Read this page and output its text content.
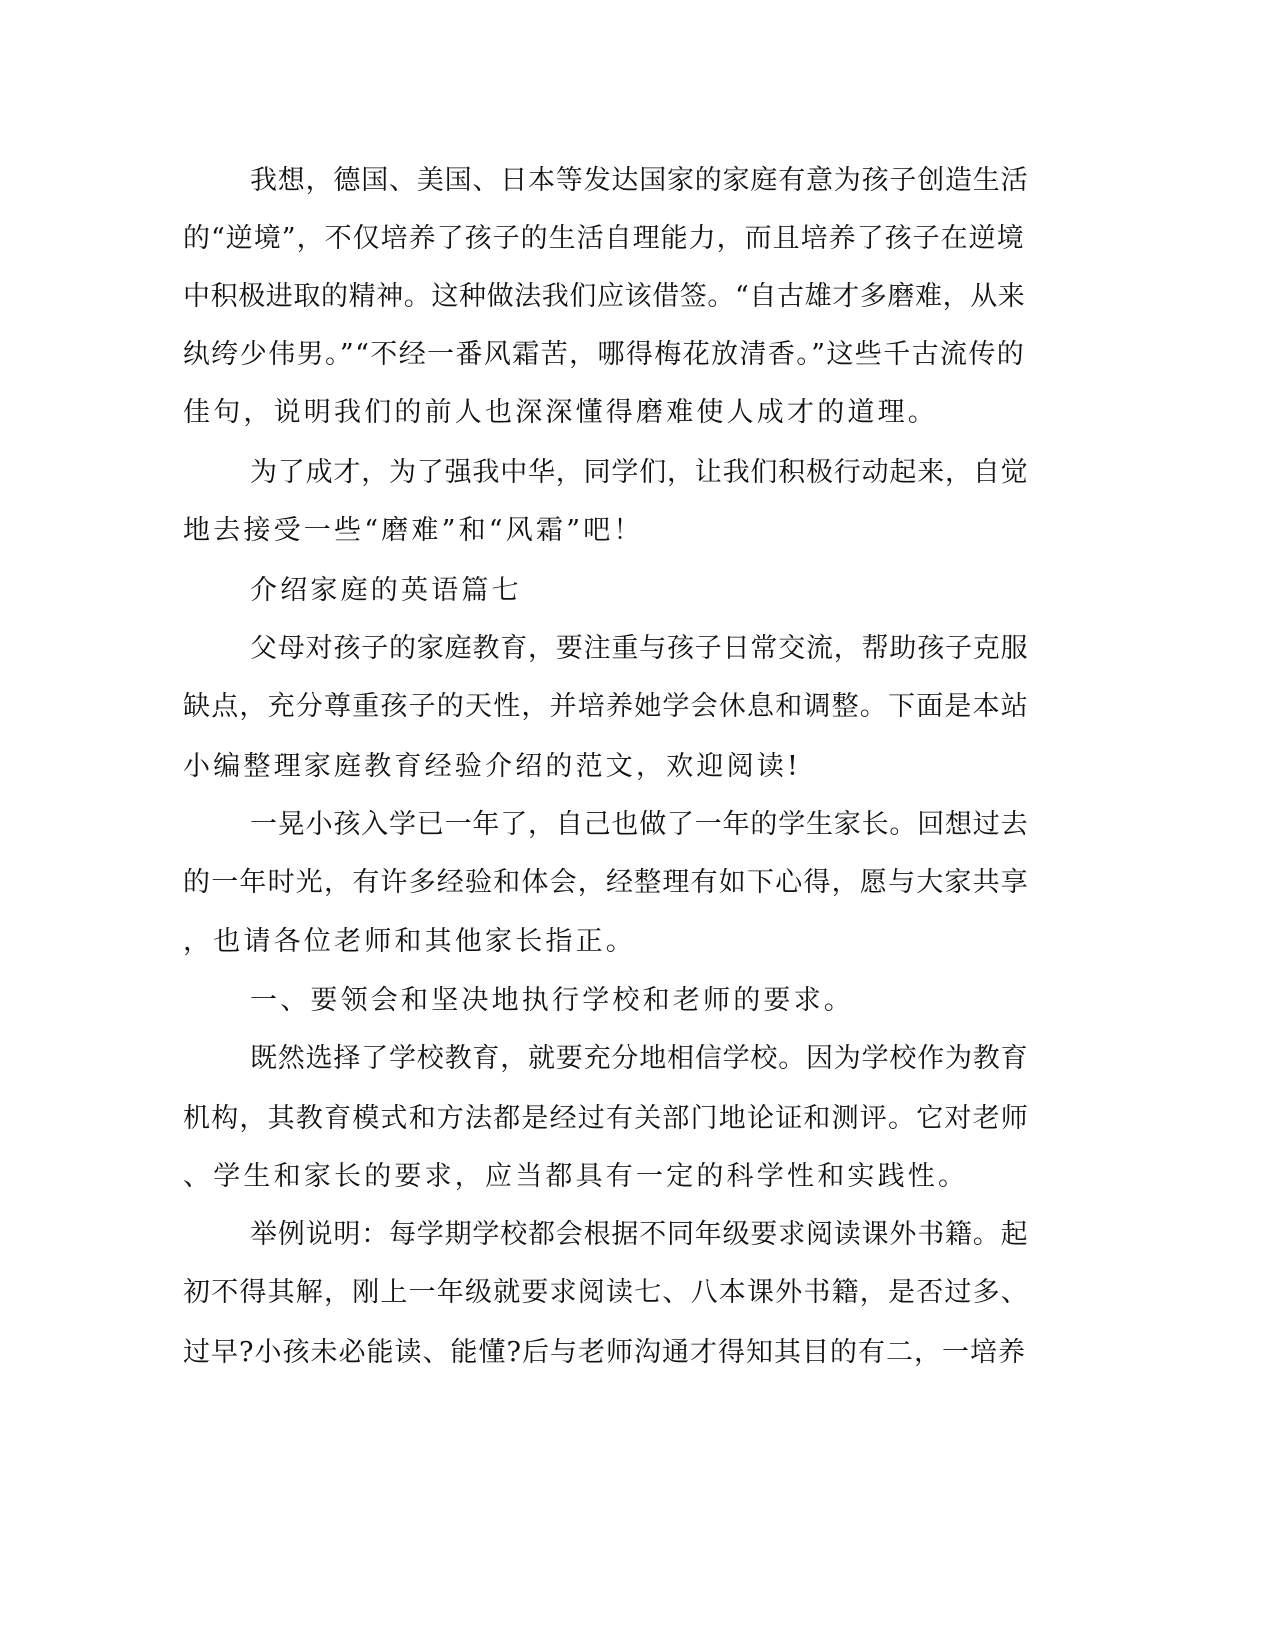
我想，德国、美国、日本等发达国家的家庭有意为孩子创造生活
的“逆境”，不仅培养了孩子的生活自理能力，而且培养了孩子在逆境
中积极进取的精神。这种做法我们应该借签。“自古雄才多磨难，从来
纨绔少伟男。”“不经一番风霜苦，哪得梅花放清香。”这些千古流传的
佳句，说明我们的前人也深深懂得磨难使人成才的道理。
为了成才，为了强我中华，同学们，让我们积极行动起来，自觉
地去接受一些“磨难”和“风霜”吧！
介绍家庭的英语篇七
父母对孩子的家庭教育，要注重与孩子日常交流，帮助孩子克服
缺点，充分尊重孩子的天性，并培养她学会休息和调整。下面是本站
小编整理家庭教育经验介绍的范文，欢迎阅读!
一晃小孩入学已一年了，自己也做了一年的学生家长。回想过去
的一年时光，有许多经验和体会，经整理有如下心得，愿与大家共享
，也请各位老师和其他家长指正。
一、要领会和坚决地执行学校和老师的要求。
既然选择了学校教育，就要充分地相信学校。因为学校作为教育
机构，其教育模式和方法都是经过有关部门地论证和测评。它对老师
、学生和家长的要求，应当都具有一定的科学性和实践性。
举例说明：每学期学校都会根据不同年级要求阅读课外书籍。起
初不得其解，刚上一年级就要求阅读七、八本课外书籍，是否过多、
过早?小孩未必能读、能懂?后与老师沟通才得知其目的有二，一培养
